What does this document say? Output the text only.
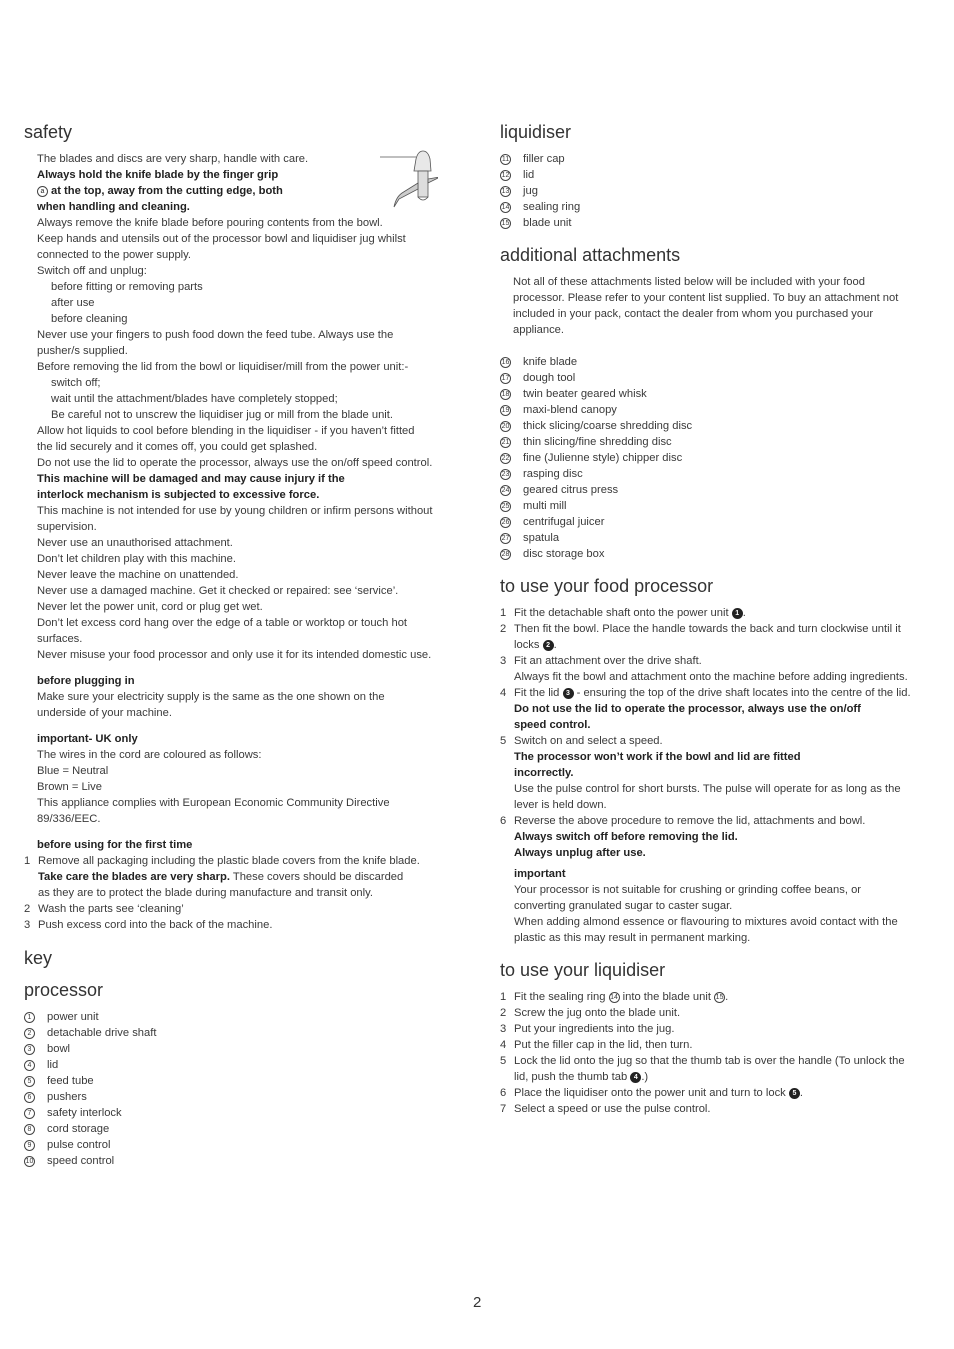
safety

The blades and discs are very sharp, handle with care.

Always hold the knife blade by the finger grip

a at the top, away from the cutting edge, both

when handling and cleaning.

Always remove the knife blade before pouring contents from the bowl.

Keep hands and utensils out of the processor bowl and liquidiser jug whilst

connected to the power supply.

Switch off and unplug:

before fitting or removing parts

after use

before cleaning

Never use your fingers to push food down the feed tube. Always use the

pusher/s supplied.

Before removing the lid from the bowl or liquidiser/mill from the power unit:-

switch off;

wait until the attachment/blades have completely stopped;

Be careful not to unscrew the liquidiser jug or mill from the blade unit.

Allow hot liquids to cool before blending in the liquidiser - if you haven’t fitted

the lid securely and it comes off, you could get splashed.

Do not use the lid to operate the processor, always use the on/off speed control.

This machine will be damaged and may cause injury if the

interlock mechanism is subjected to excessive force.

This machine is not intended for use by young children or infirm persons without

supervision.

Never use an unauthorised attachment.

Don’t let children play with this machine.

Never leave the machine on unattended.

Never use a damaged machine. Get it checked or repaired: see ‘service’.

Never let the power unit, cord or plug get wet.

Don’t let excess cord hang over the edge of a table or worktop or touch hot

surfaces.

Never misuse your food processor and only use it for its intended domestic use.

before plugging in

Make sure your electricity supply is the same as the one shown on the

underside of your machine.

important- UK only

The wires in the cord are coloured as follows:

Blue = Neutral

Brown = Live

This appliance complies with European Economic Community Directive

89/336/EEC.

before using for the first time

1 Remove all packaging including the plastic blade covers from the knife blade.
Take care the blades are very sharp. These covers should be discarded
as they are to protect the blade during manufacture and transit only.
2 Wash the parts see ‘cleaning’
3 Push excess cord into the back of the machine.
key
processor
1	power unit
2	detachable drive shaft
3	bowl
4	lid
5	feed tube
6	pushers
7	safety interlock
8	cord storage
9	pulse control
10 speed control
liquidiser
11 filler cap
12 lid
13 jug
14 sealing ring
15 blade unit
additional attachments

Not all of these attachments listed below will be included with your food

processor. Please refer to your content list supplied. To buy an attachment not

included in your pack, contact the dealer from whom you purchased your

appliance.

16 knife blade
17 dough tool
18 twin beater geared whisk
19 maxi-blend canopy
20 thick slicing/coarse shredding disc
21 thin slicing/fine shredding disc
22 fine (Julienne style) chipper disc
23 rasping disc
24 geared citrus press
25 multi mill
26 centrifugal juicer
27 spatula
28 disc storage box
to use your food processor
1 Fit the detachable shaft onto the power unit 1 .
2 Then fit the bowl. Place the handle towards the back and turn clockwise until it
locks 2 .
3 Fit an attachment over the drive shaft.
Always fit the bowl and attachment onto the machine before adding ingredients.
4 Fit the lid 3 - ensuring the top of the drive shaft locates into the centre of the lid.
Do not use the lid to operate the processor, always use the on/off
speed control.
5 Switch on and select a speed.
The processor won’t work if the bowl and lid are fitted
incorrectly.
Use the pulse control for short bursts. The pulse will operate for as long as the
lever is held down.
6 Reverse the above procedure to remove the lid, attachments and bowl.
Always switch off before removing the lid.
Always unplug after use.
important
Your processor is not suitable for crushing or grinding coffee beans, or
converting granulated sugar to caster sugar.
When adding almond essence or flavouring to mixtures avoid contact with the
plastic as this may result in permanent marking.
to use your liquidiser
1 Fit the sealing ring 14 into the blade unit 15 .
2 Screw the jug onto the blade unit.
3 Put your ingredients into the jug.
4 Put the filler cap in the lid, then turn.
5 Lock the lid onto the jug so that the thumb tab is over the handle (To unlock the
lid, push the thumb tab 4 .)
6 Place the liquidiser onto the power unit and turn to lock 5 .
7 Select a speed or use the pulse control.
2
